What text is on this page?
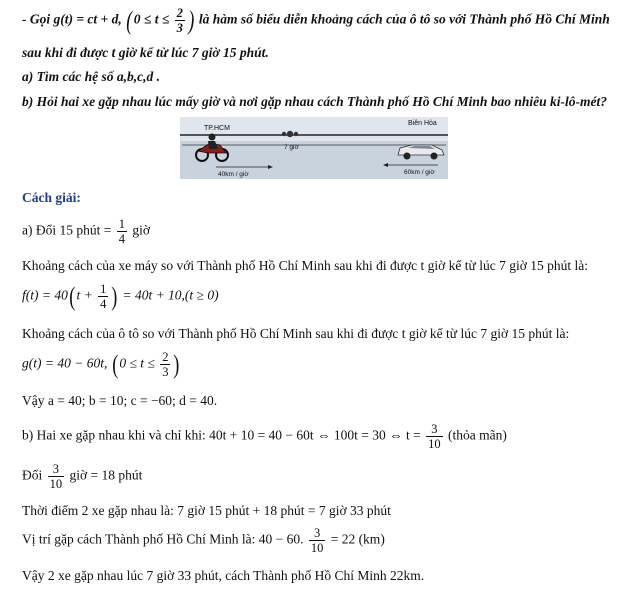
- Gọi g(t) = ct + d, ($0 \le t \le \frac{2}{3}$ ) là hàm số biểu diễn khoảng cách của ô tô so với Thành phố Hồ Chí Minh
sau khi đi được t giờ kể từ lúc 7 giờ 15 phút.
a) Tìm các hệ số a,b,c,d .
b) Hỏi hai xe gặp nhau lúc mấy giờ và nơi gặp nhau cách Thành phố Hồ Chí Minh bao nhiêu ki-lô-mét?
TP.HCM
Biên Hòa
7 giờ
40km / giờ	60km / giờ
Cách giải:
a) Đổi 15 phút = $\frac{1}{4}$ giờ
Khoảng cách của xe máy so với Thành phố Hồ Chí Minh sau khi đi được t giờ kể từ lúc 7 giờ 15 phút là:
$f(t) = 40(t + \frac{1}{4}$ ) = 40t + 10,(t ≥ 0)
Khoảng cách của ô tô so với Thành phố Hồ Chí Minh sau khi đi được t giờ kể từ lúc 7 giờ 15 phút là:
g(t) = 40 − 60t, ($0 \le t \le \frac{2}{3}$ )
Vậy a = 40; b = 10; c = −60; d = 40.
b) Hai xe gặp nhau khi và chỉ khi: 40t + 10 = 40 − 60t ⇔ 100t = 30 ⇔ $t = \frac{3}{10}$ (thỏa mãn)
Đổi $\frac{3}{10}$ giờ = 18 phút
Thời điểm 2 xe gặp nhau là: 7 giờ 15 phút + 18 phút = 7 giờ 33 phút
Vị trí gặp cách Thành phố Hồ Chí Minh là: 40 − 60. $\frac{3}{10} = 22$ (km)
Vậy 2 xe gặp nhau lúc 7 giờ 33 phút, cách Thành phố Hồ Chí Minh 22km.
